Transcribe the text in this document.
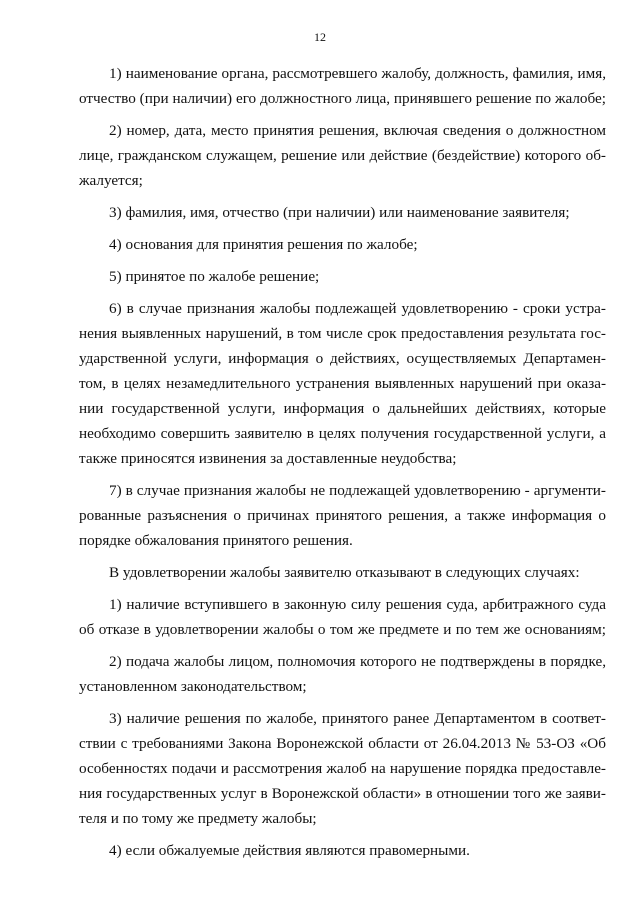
12
1) наименование органа, рассмотревшего жалобу, должность, фамилия, имя,
отчество (при наличии) его должностного лица, принявшего решение по жалобе;
2) номер, дата, место принятия решения, включая сведения о должностном
лице, гражданском служащем, решение или действие (бездействие) которого об-
жалуется;
3) фамилия, имя, отчество (при наличии) или наименование заявителя;
4) основания для принятия решения по жалобе;
5) принятое по жалобе решение;
6) в случае признания жалобы подлежащей удовлетворению - сроки устра-
нения выявленных нарушений, в том числе срок предоставления результата гос-
ударственной услуги, информация о действиях, осуществляемых Департамен-
том, в целях незамедлительного устранения выявленных нарушений при оказа-
нии государственной услуги, информация о дальнейших действиях, которые
необходимо совершить заявителю в целях получения государственной услуги, а
также приносятся извинения за доставленные неудобства;
7) в случае признания жалобы не подлежащей удовлетворению - аргументи-
рованные разъяснения о причинах принятого решения, а также информация о
порядке обжалования принятого решения.
В удовлетворении жалобы заявителю отказывают в следующих случаях:
1) наличие вступившего в законную силу решения суда, арбитражного суда
об отказе в удовлетворении жалобы о том же предмете и по тем же основаниям;
2) подача жалобы лицом, полномочия которого не подтверждены в порядке,
установленном законодательством;
3) наличие решения по жалобе, принятого ранее Департаментом в соответ-
ствии с требованиями Закона Воронежской области от 26.04.2013 № 53-ОЗ «Об
особенностях подачи и рассмотрения жалоб на нарушение порядка предоставле-
ния государственных услуг в Воронежской области» в отношении того же заяви-
теля и по тому же предмету жалобы;
4) если обжалуемые действия являются правомерными.
